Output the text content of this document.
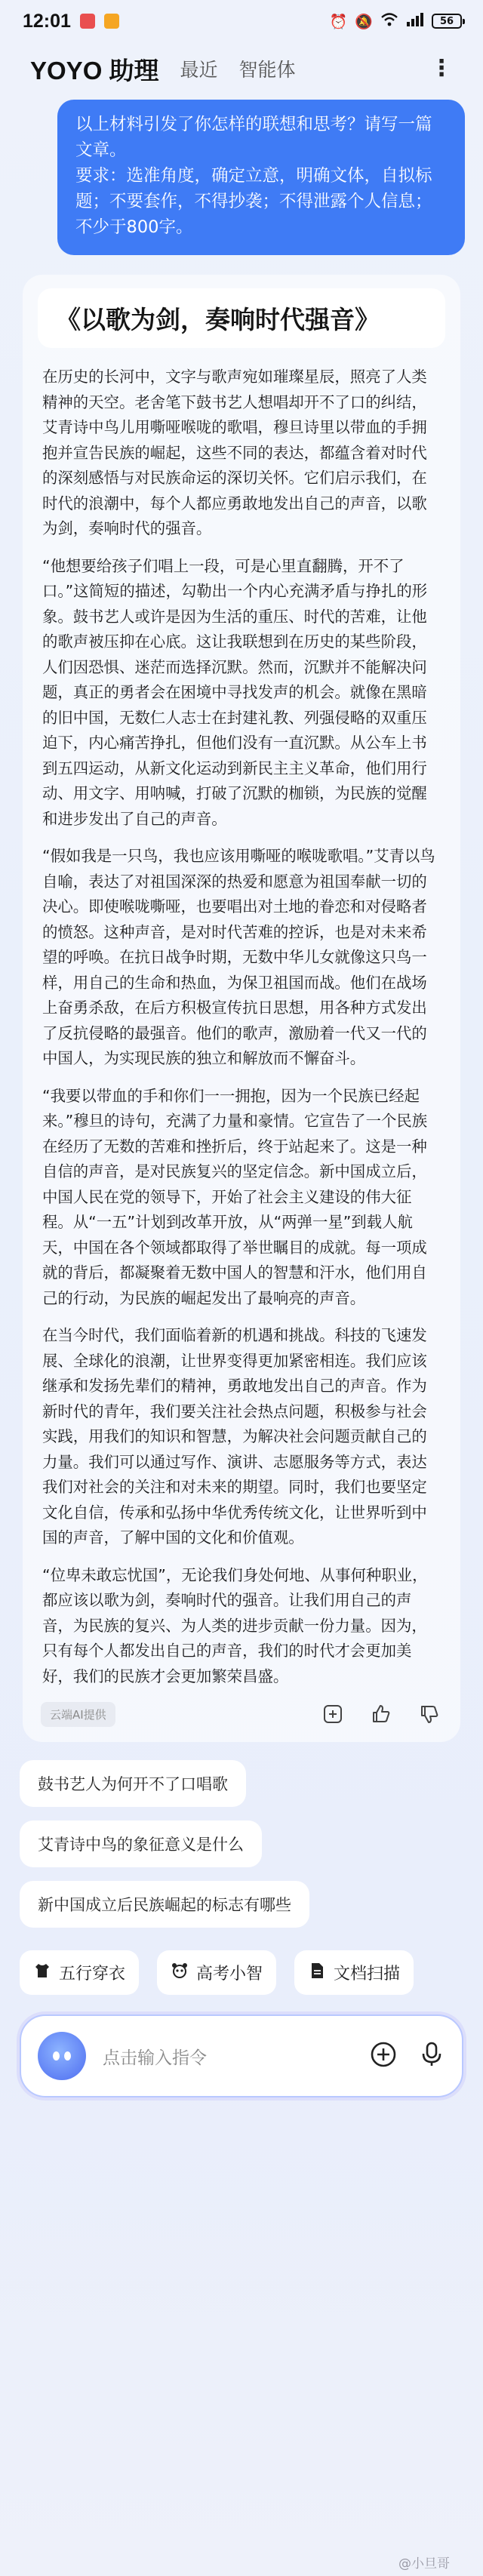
12:01	⏰ 🔕	56
YOYO 助理 最近 智能体	⋮

以上材料引发了你怎样的联想和思考？请写一篇文章。

要求：选准角度，确定立意，明确文体，自拟标题；不要套作，不得抄袭；不得泄露个人信息；不少于800字。

《以歌为剑，奏响时代强音》

在历史的长河中，文字与歌声宛如璀璨星辰，照亮了人类精神的天空。老舍笔下鼓书艺人想唱却开不了口的纠结，艾青诗中鸟儿用嘶哑喉咙的歌唱，穆旦诗里以带血的手拥抱并宣告民族的崛起，这些不同的表达，都蕴含着对时代的深刻感悟与对民族命运的深切关怀。它们启示我们，在时代的浪潮中，每个人都应勇敢地发出自己的声音，以歌为剑，奏响时代的强音。

“他想要给孩子们唱上一段，可是心里直翻腾，开不了口。”这简短的描述，勾勒出一个内心充满矛盾与挣扎的形象。鼓书艺人或许是因为生活的重压、时代的苦难，让他的歌声被压抑在心底。这让我联想到在历史的某些阶段，人们因恐惧、迷茫而选择沉默。然而，沉默并不能解决问题，真正的勇者会在困境中寻找发声的机会。就像在黑暗的旧中国，无数仁人志士在封建礼教、列强侵略的双重压迫下，内心痛苦挣扎，但他们没有一直沉默。从公车上书到五四运动，从新文化运动到新民主主义革命，他们用行动、用文字、用呐喊，打破了沉默的枷锁，为民族的觉醒和进步发出了自己的声音。

“假如我是一只鸟，我也应该用嘶哑的喉咙歌唱。”艾青以鸟自喻，表达了对祖国深深的热爱和愿意为祖国奉献一切的决心。即使喉咙嘶哑，也要唱出对土地的眷恋和对侵略者的愤怒。这种声音，是对时代苦难的控诉，也是对未来希望的呼唤。在抗日战争时期，无数中华儿女就像这只鸟一样，用自己的生命和热血，为保卫祖国而战。他们在战场上奋勇杀敌，在后方积极宣传抗日思想，用各种方式发出了反抗侵略的最强音。他们的歌声，激励着一代又一代的中国人，为实现民族的独立和解放而不懈奋斗。

“我要以带血的手和你们一一拥抱，因为一个民族已经起来。”穆旦的诗句，充满了力量和豪情。它宣告了一个民族在经历了无数的苦难和挫折后，终于站起来了。这是一种自信的声音，是对民族复兴的坚定信念。新中国成立后，中国人民在党的领导下，开始了社会主义建设的伟大征程。从“一五”计划到改革开放，从“两弹一星”到载人航天，中国在各个领域都取得了举世瞩目的成就。每一项成就的背后，都凝聚着无数中国人的智慧和汗水，他们用自己的行动，为民族的崛起发出了最响亮的声音。

在当今时代，我们面临着新的机遇和挑战。科技的飞速发展、全球化的浪潮，让世界变得更加紧密相连。我们应该继承和发扬先辈们的精神，勇敢地发出自己的声音。作为新时代的青年，我们要关注社会热点问题，积极参与社会实践，用我们的知识和智慧，为解决社会问题贡献自己的力量。我们可以通过写作、演讲、志愿服务等方式，表达我们对社会的关注和对未来的期望。同时，我们也要坚定文化自信，传承和弘扬中华优秀传统文化，让世界听到中国的声音，了解中国的文化和价值观。

“位卑未敢忘忧国”，无论我们身处何地、从事何种职业，都应该以歌为剑，奏响时代的强音。让我们用自己的声音，为民族的复兴、为人类的进步贡献一份力量。因为，只有每个人都发出自己的声音，我们的时代才会更加美好，我们的民族才会更加繁荣昌盛。

云端AI提供
鼓书艺人为何开不了口唱歌
艾青诗中鸟的象征意义是什么
新中国成立后民族崛起的标志有哪些
五行穿衣	高考小智	文档扫描
点击输入指令
@小旦哥
